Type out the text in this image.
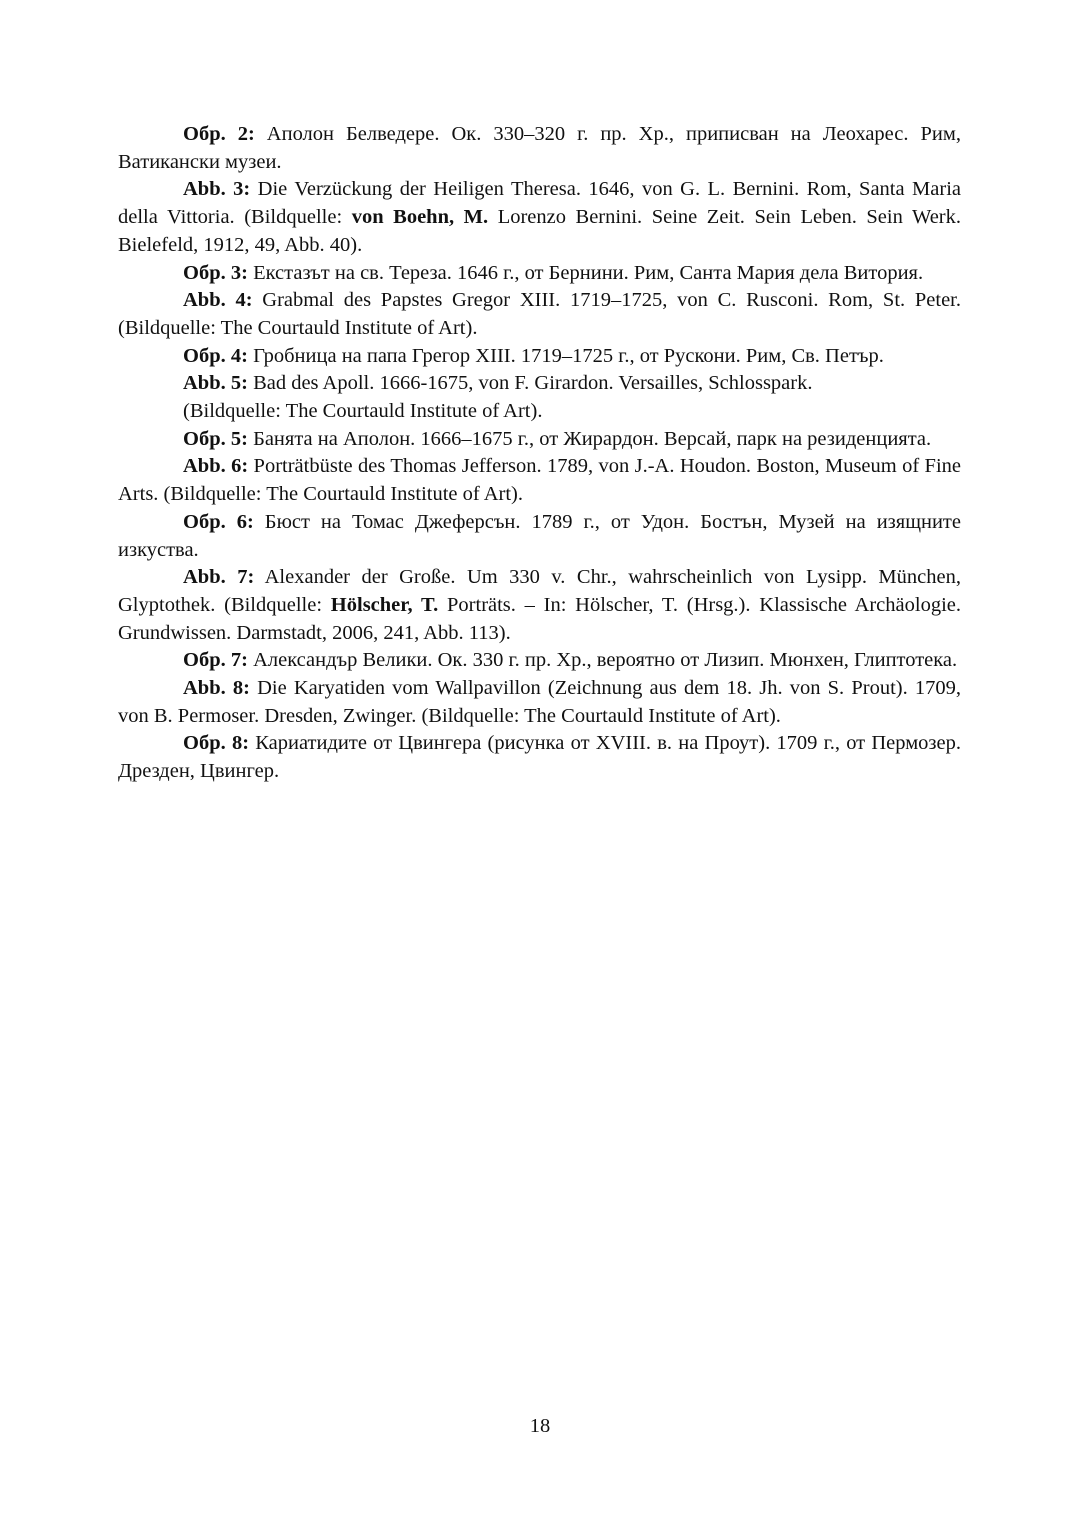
Обр. 2: Аполон Белведере. Ок. 330–320 г. пр. Хр., приписван на Леохарес. Рим, Ватикански музеи.

Abb. 3: Die Verzückung der Heiligen Theresa. 1646, von G. L. Bernini. Rom, Santa Maria della Vittoria. (Bildquelle: von Boehn, M. Lorenzo Bernini. Seine Zeit. Sein Leben. Sein Werk. Bielefeld, 1912, 49, Abb. 40).

Обр. 3: Екстазът на св. Тереза. 1646 г., от Бернини. Рим, Санта Мария дела Витория.

Abb. 4: Grabmal des Papstes Gregor XIII. 1719–1725, von C. Rusconi. Rom, St. Peter.(Bildquelle: The Courtauld Institute of Art).

Обр. 4: Гробница на папа Грегор XIII. 1719–1725 г., от Рускони. Рим, Св. Петър.

Abb. 5: Bad des Apoll. 1666-1675, von F. Girardon. Versailles, Schlosspark.

(Bildquelle: The Courtauld Institute of Art).

Обр. 5: Банята на Аполон. 1666–1675 г., от Жирардон. Версай, парк на резиденцията.

Abb. 6: Porträtbüste des Thomas Jefferson. 1789, von J.-A. Houdon. Boston, Museum of Fine Arts. (Bildquelle: The Courtauld Institute of Art).

Обр. 6: Бюст на Томас Джеферсън. 1789 г., от Удон. Бостън, Музей на изящните изкуства.

Abb. 7: Alexander der Große. Um 330 v. Chr., wahrscheinlich von Lysipp. München, Glyptothek. (Bildquelle: Hölscher, T. Porträts. – In: Hölscher, T. (Hrsg.). Klassische Archäologie. Grundwissen. Darmstadt, 2006, 241, Abb. 113).

Обр. 7: Александър Велики. Ок. 330 г. пр. Хр., вероятно от Лизип. Мюнхен, Глиптотека.

Abb. 8: Die Karyatiden vom Wallpavillon (Zeichnung aus dem 18. Jh. von S. Prout). 1709, von B. Permoser. Dresden, Zwinger. (Bildquelle: The Courtauld Institute of Art).

Обр. 8: Кариатидите от Цвингера (рисунка от XVIII. в. на Проут). 1709 г., от Пермозер. Дрезден, Цвингер.

18
